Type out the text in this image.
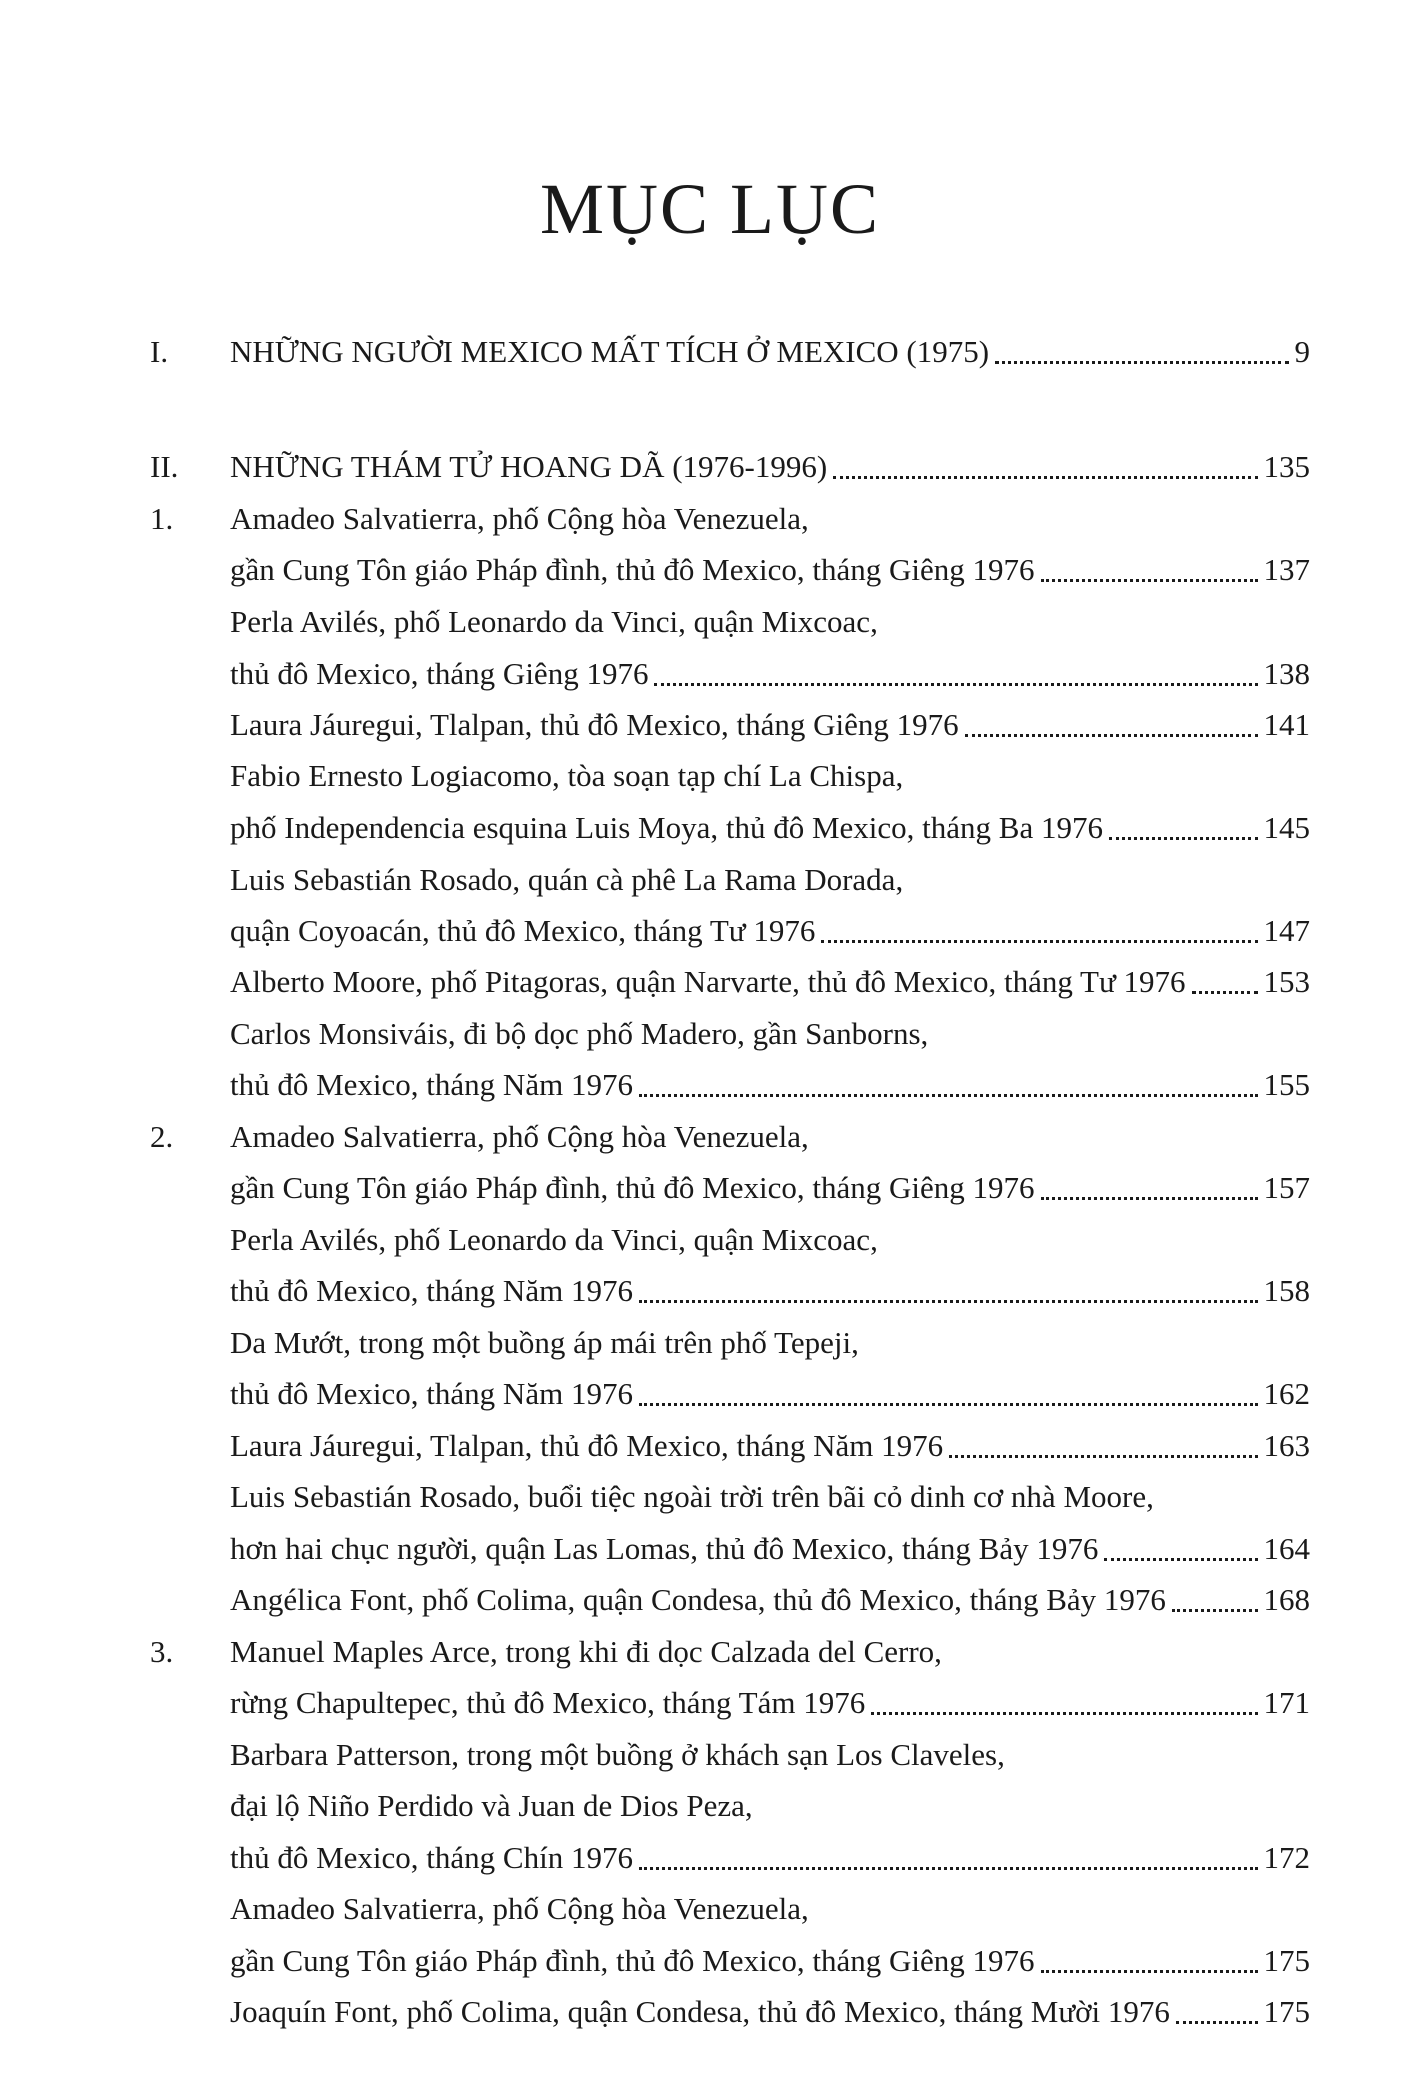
MỤC LỤC
I. NHỮNG NGƯỜI MEXICO MẤT TÍCH Ở MEXICO (1975)	9
II. NHỮNG THÁM TỬ HOANG DÃ (1976-1996)	135
1. Amadeo Salvatierra, phố Cộng hòa Venezuela,
gần Cung Tôn giáo Pháp đình, thủ đô Mexico, tháng Giêng 1976	137
Perla Avilés, phố Leonardo da Vinci, quận Mixcoac,
thủ đô Mexico, tháng Giêng 1976	138
Laura Jáuregui, Tlalpan, thủ đô Mexico, tháng Giêng 1976	141
Fabio Ernesto Logiacomo, tòa soạn tạp chí La Chispa,
phố Independencia esquina Luis Moya, thủ đô Mexico, tháng Ba 1976	145
Luis Sebastián Rosado, quán cà phê La Rama Dorada,
quận Coyoacán, thủ đô Mexico, tháng Tư 1976	147
Alberto Moore, phố Pitagoras, quận Narvarte, thủ đô Mexico, tháng Tư 1976	153
Carlos Monsiváis, đi bộ dọc phố Madero, gần Sanborns,
thủ đô Mexico, tháng Năm 1976	155
2. Amadeo Salvatierra, phố Cộng hòa Venezuela,
gần Cung Tôn giáo Pháp đình, thủ đô Mexico, tháng Giêng 1976	157
Perla Avilés, phố Leonardo da Vinci, quận Mixcoac,
thủ đô Mexico, tháng Năm 1976	158
Da Mướt, trong một buồng áp mái trên phố Tepeji,
thủ đô Mexico, tháng Năm 1976	162
Laura Jáuregui, Tlalpan, thủ đô Mexico, tháng Năm 1976	163
Luis Sebastián Rosado, buổi tiệc ngoài trời trên bãi cỏ dinh cơ nhà Moore,
hơn hai chục người, quận Las Lomas, thủ đô Mexico, tháng Bảy 1976	164
Angélica Font, phố Colima, quận Condesa, thủ đô Mexico, tháng Bảy 1976	168
3. Manuel Maples Arce, trong khi đi dọc Calzada del Cerro,
rừng Chapultepec, thủ đô Mexico, tháng Tám 1976	171
Barbara Patterson, trong một buồng ở khách sạn Los Claveles,
đại lộ Niño Perdido và Juan de Dios Peza,
thủ đô Mexico, tháng Chín 1976	172
Amadeo Salvatierra, phố Cộng hòa Venezuela,
gần Cung Tôn giáo Pháp đình, thủ đô Mexico, tháng Giêng 1976	175
Joaquín Font, phố Colima, quận Condesa, thủ đô Mexico, tháng Mười 1976	175
